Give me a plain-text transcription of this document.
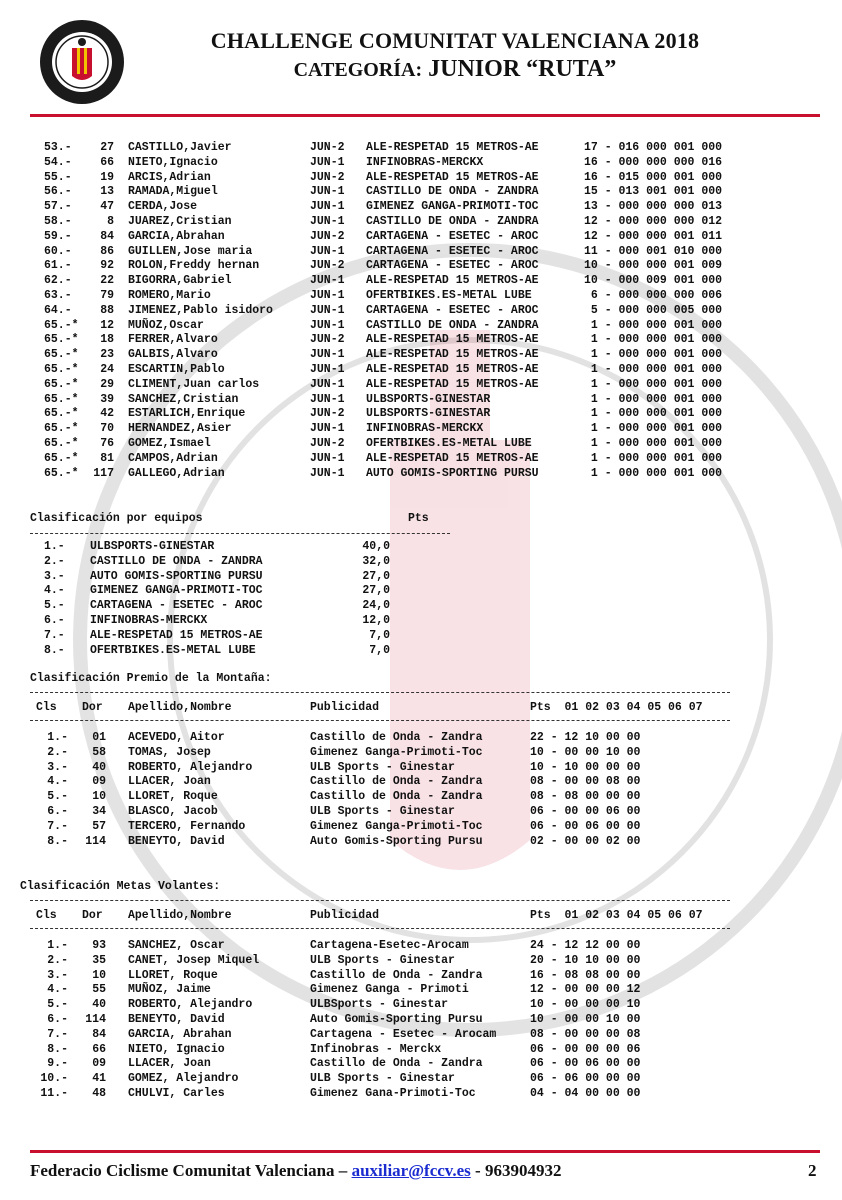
CHALLENGE COMUNITAT VALENCIANA 2018
CATEGORÍA: JUNIOR “RUTA”
53.-	27 CASTILLO,Javier	JUN-2 ALE-RESPETAD 15 METROS-AE	17 - 016 000 001 000
54.-	66 NIETO,Ignacio	JUN-1 INFINOBRAS-MERCKX	16 - 000 000 000 016
55.-	19 ARCIS,Adrian	JUN-2 ALE-RESPETAD 15 METROS-AE	16 - 015 000 001 000
56.-	13 RAMADA,Miguel	JUN-1 CASTILLO DE ONDA - ZANDRA	15 - 013 001 001 000
57.-	47 CERDA,Jose	JUN-1 GIMENEZ GANGA-PRIMOTI-TOC	13 - 000 000 000 013
58.-	8 JUAREZ,Cristian	JUN-1 CASTILLO DE ONDA - ZANDRA	12 - 000 000 000 012
59.-	84 GARCIA,Abrahan	JUN-2 CARTAGENA - ESETEC - AROC	12 - 000 000 001 011
60.-	86 GUILLEN,Jose maria	JUN-1 CARTAGENA - ESETEC - AROC	11 - 000 001 010 000
61.-	92 ROLON,Freddy hernan	JUN-2 CARTAGENA - ESETEC - AROC	10 - 000 000 001 009
62.-	22 BIGORRA,Gabriel	JUN-1 ALE-RESPETAD 15 METROS-AE	10 - 000 009 001 000
63.-	79 ROMERO,Mario	JUN-1 OFERTBIKES.ES-METAL LUBE	6 - 000 000 000 006
64.-	88 JIMENEZ,Pablo isidoro	JUN-1 CARTAGENA - ESETEC - AROC	5 - 000 000 005 000
65.-*	12 MUÑOZ,Oscar	JUN-1 CASTILLO DE ONDA - ZANDRA	1 - 000 000 001 000
65.-*	18 FERRER,Alvaro	JUN-2 ALE-RESPETAD 15 METROS-AE	1 - 000 000 001 000
65.-*	23 GALBIS,Alvaro	JUN-1 ALE-RESPETAD 15 METROS-AE	1 - 000 000 001 000
65.-*	24 ESCARTIN,Pablo	JUN-1 ALE-RESPETAD 15 METROS-AE	1 - 000 000 001 000
65.-*	29 CLIMENT,Juan carlos	JUN-1 ALE-RESPETAD 15 METROS-AE	1 - 000 000 001 000
65.-*	39 SANCHEZ,Cristian	JUN-1 ULBSPORTS-GINESTAR	1 - 000 000 001 000
65.-*	42 ESTARLICH,Enrique	JUN-2 ULBSPORTS-GINESTAR	1 - 000 000 001 000
65.-*	70 HERNANDEZ,Asier	JUN-1 INFINOBRAS-MERCKX	1 - 000 000 001 000
65.-*	76 GOMEZ,Ismael	JUN-2 OFERTBIKES.ES-METAL LUBE	1 - 000 000 001 000
65.-*	81 CAMPOS,Adrian	JUN-1 ALE-RESPETAD 15 METROS-AE	1 - 000 000 001 000
65.-* 117 GALLEGO,Adrian	JUN-1 AUTO GOMIS-SPORTING PURSU	1 - 000 000 001 000
Clasificación por equipos	Pts
1.- ULBSPORTS-GINESTAR	40,0
2.- CASTILLO DE ONDA - ZANDRA	32,0
3.- AUTO GOMIS-SPORTING PURSU	27,0
4.- GIMENEZ GANGA-PRIMOTI-TOC	27,0
5.- CARTAGENA - ESETEC - AROC	24,0
6.- INFINOBRAS-MERCKX	12,0
7.- ALE-RESPETAD 15 METROS-AE	7,0
8.- OFERTBIKES.ES-METAL LUBE	7,0
Clasificación Premio de la Montaña:
Cls Dor Apellido,Nombre	Publicidad	Pts  01 02 03 04 05 06 07
1.-	01 ACEVEDO, Aitor	Castillo de Onda - Zandra	22 - 12 10 00 00
2.-	58 TOMAS, Josep	Gimenez Ganga-Primoti-Toc	10 - 00 00 10 00
3.-	40 ROBERTO, Alejandro	ULB Sports - Ginestar	10 - 10 00 00 00
4.-	09 LLACER, Joan	Castillo de Onda - Zandra	08 - 00 00 08 00
5.-	10 LLORET, Roque	Castillo de Onda - Zandra	08 - 08 00 00 00
6.-	34 BLASCO, Jacob	ULB Sports - Ginestar	06 - 00 00 06 00
7.-	57 TERCERO, Fernando	Gimenez Ganga-Primoti-Toc	06 - 00 06 00 00
8.-	114 BENEYTO, David	Auto Gomis-Sporting Pursu	02 - 00 00 02 00
Clasificación Metas Volantes:
Cls Dor Apellido,Nombre	Publicidad	Pts  01 02 03 04 05 06 07
1.-	93 SANCHEZ, Oscar	Cartagena-Esetec-Arocam	24 - 12 12 00 00
2.-	35 CANET, Josep Miquel	ULB Sports - Ginestar	20 - 10 10 00 00
3.-	10 LLORET, Roque	Castillo de Onda - Zandra	16 - 08 08 00 00
4.-	55 MUÑOZ, Jaime	Gimenez Ganga - Primoti	12 - 00 00 00 12
5.-	40 ROBERTO, Alejandro	ULBSports - Ginestar	10 - 00 00 00 10
6.-	114 BENEYTO, David	Auto Gomis-Sporting Pursu	10 - 00 00 10 00
7.-	84 GARCIA, Abrahan	Cartagena - Esetec - Arocam	08 - 00 00 00 08
8.-	66 NIETO, Ignacio	Infinobras - Merckx	06 - 00 00 00 06
9.-	09 LLACER, Joan	Castillo de Onda - Zandra	06 - 00 06 00 00
10.-	41 GOMEZ, Alejandro	ULB Sports - Ginestar	06 - 06 00 00 00
11.-	48 CHULVI, Carles	Gimenez Gana-Primoti-Toc	04 - 04 00 00 00
Federacio Ciclisme Comunitat Valenciana – auxiliar@fccv.es - 963904932	2
